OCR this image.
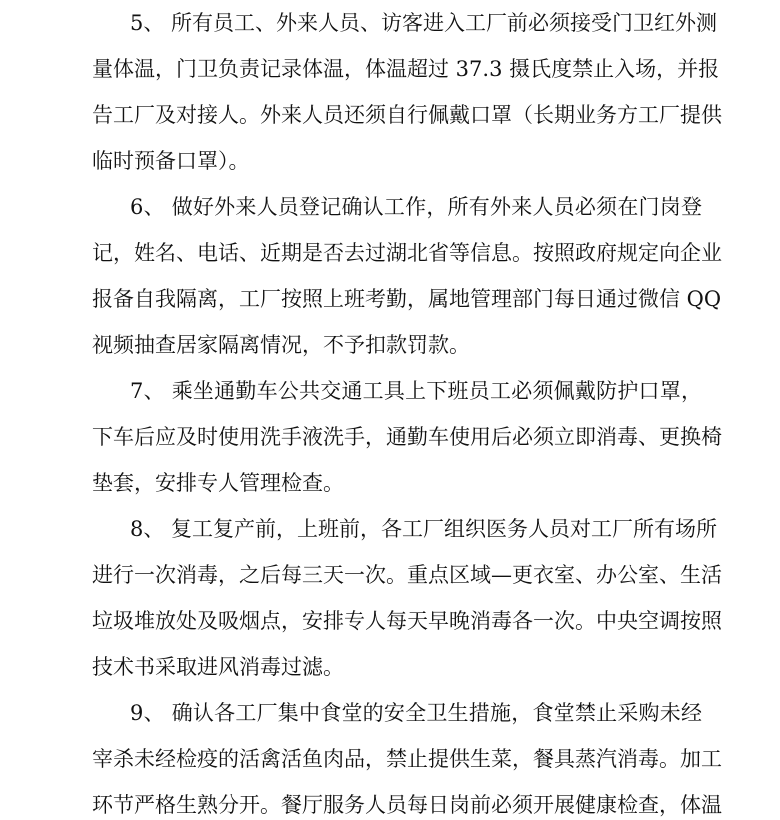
5、 所有员工、外来人员、访客进入工厂前必须接受门卫红外测
量体温，门卫负责记录体温，体温超过 37.3 摄氏度禁止入场，并报
告工厂及对接人。外来人员还须自行佩戴口罩（长期业务方工厂提供
临时预备口罩）。
6、 做好外来人员登记确认工作，所有外来人员必须在门岗登
记，姓名、电话、近期是否去过湖北省等信息。按照政府规定向企业
报备自我隔离，工厂按照上班考勤，属地管理部门每日通过微信 QQ
视频抽查居家隔离情况，不予扣款罚款。
7、 乘坐通勤车公共交通工具上下班员工必须佩戴防护口罩，
下车后应及时使用洗手液洗手，通勤车使用后必须立即消毒、更换椅
垫套，安排专人管理检查。
8、 复工复产前，上班前，各工厂组织医务人员对工厂所有场所
进行一次消毒，之后每三天一次。重点区域—更衣室、办公室、生活
垃圾堆放处及吸烟点，安排专人每天早晚消毒各一次。中央空调按照
技术书采取进风消毒过滤。
9、 确认各工厂集中食堂的安全卫生措施，食堂禁止采购未经
宰杀未经检疫的活禽活鱼肉品，禁止提供生菜，餐具蒸汽消毒。加工
环节严格生熟分开。餐厅服务人员每日岗前必须开展健康检查，体温
